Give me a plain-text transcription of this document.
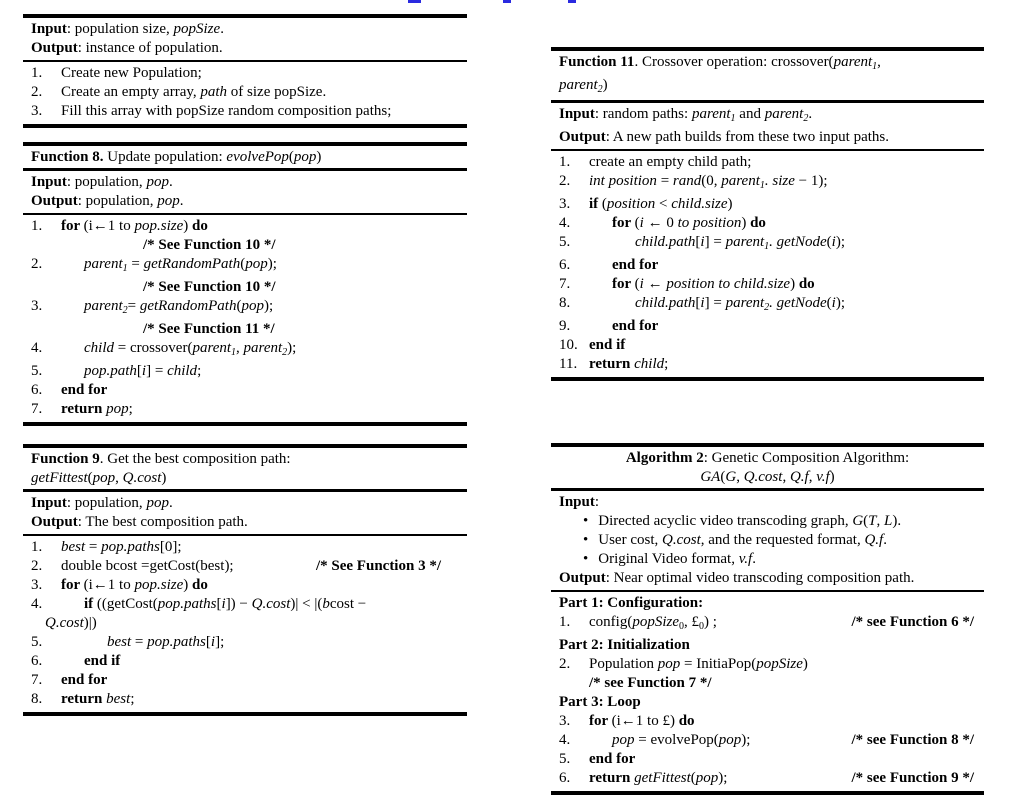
Input: population size, popSize.
Output: instance of population.
1.	Create new Population;
2.	Create an empty array, path of size popSize.
3.	Fill this array with popSize random composition paths;
Function 8. Update population: evolvePop(pop)
Input: population, pop.
Output: population, pop.
1.	for (i←1 to pop.size) do
/* See Function 10 */
2.	parent$_1$ = getRandomPath(pop);
/* See Function 10 */
3.	parent$_2$= getRandomPath(pop);
/* See Function 11 */
4.	child = crossover(parent$_1$, parent$_2$);
5.	pop.path[i] = child;
6.	end for
7.	return pop;
Function 9. Get the best composition path:
getFittest(pop, Q.cost)
Input: population, pop.
Output: The best composition path.
1.	best = pop.paths[0];
2.	double bcost =getCost(best);	/* See Function 3 */
3.	for (i←1 to pop.size) do
4.	if ((getCost(pop.paths[i]) − Q.cost)| < |(bcost −
Q.cost)|)
5.	best = pop.paths[i];
6.	end if
7.	end for
8.	return best;
Function 11. Crossover operation: crossover(parent$_1$,
parent$_2$)
Input: random paths: parent$_1$ and parent$_2$.
Output: A new path builds from these two input paths.
1.	create an empty child path;
2.	int position = rand(0, parent$_1$. size − 1);
3.	if (position < child.size)
4.	for (i ← 0 to position) do
5.	child.path[i] = parent$_1$. getNode(i);
6.	end for
7.	for (i ← position to child.size) do
8.	child.path[i] = parent$_2$. getNode(i);
9.	end for
10. end if
11. return child;
Algorithm 2: Genetic Composition Algorithm:
GA(G, Q.cost, Q.f, v.f)
Input:
• Directed acyclic video transcoding graph, G(T, L).
• User cost, Q.cost, and the requested format, Q.f.
• Original Video format, v.f.
Output: Near optimal video transcoding composition path.
Part 1: Configuration:
1.	config(popSize$_0$, $£_0$) ;	/* see Function 6 */
Part 2: Initialization
2.	Population pop = InitiaPop(popSize)
/* see Function 7 */
Part 3: Loop
3.	for (i←1 to £) do
4.	pop = evolvePop(pop);	/* see Function 8 */
5.	end for
6.	return getFittest(pop);	/* see Function 9 */
